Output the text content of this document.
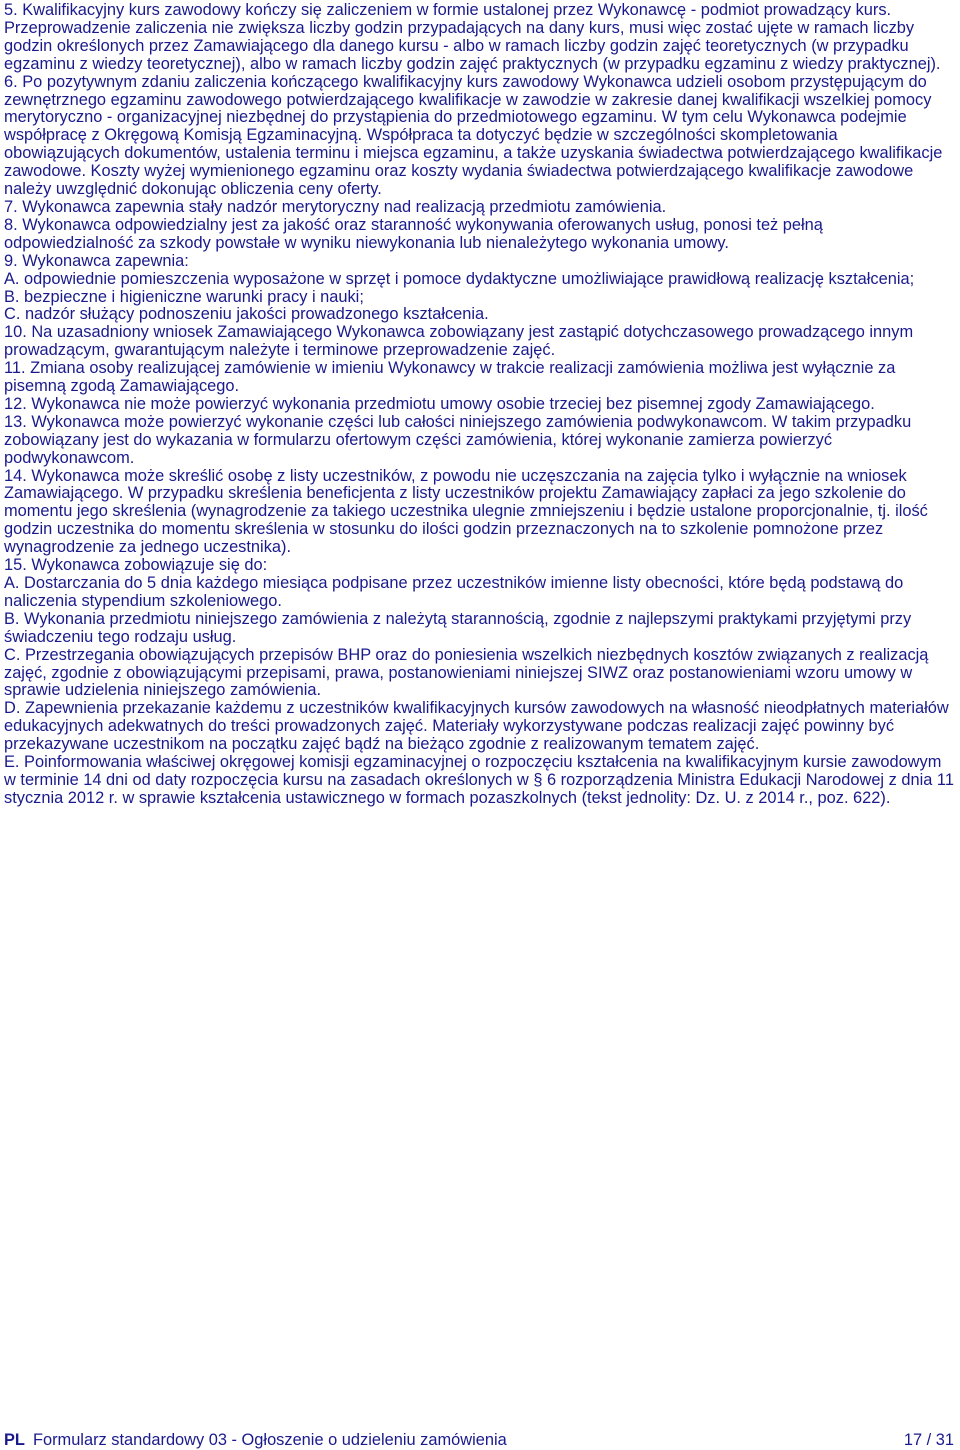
5. Kwalifikacyjny kurs zawodowy kończy się zaliczeniem w formie ustalonej przez Wykonawcę - podmiot prowadzący kurs. Przeprowadzenie zaliczenia nie zwiększa liczby godzin przypadających na dany kurs, musi więc zostać ujęte w ramach liczby godzin określonych przez Zamawiającego dla danego kursu - albo w ramach liczby godzin zajęć teoretycznych (w przypadku egzaminu z wiedzy teoretycznej), albo w ramach liczby godzin zajęć praktycznych (w przypadku egzaminu z wiedzy praktycznej).

6. Po pozytywnym zdaniu zaliczenia kończącego kwalifikacyjny kurs zawodowy Wykonawca udzieli osobom przystępującym do zewnętrznego egzaminu zawodowego potwierdzającego kwalifikacje w zawodzie w zakresie danej kwalifikacji wszelkiej pomocy merytoryczno - organizacyjnej niezbędnej do przystąpienia do przedmiotowego egzaminu. W tym celu Wykonawca podejmie współpracę z Okręgową Komisją Egzaminacyjną. Współpraca ta dotyczyć będzie w szczególności skompletowania obowiązujących dokumentów, ustalenia terminu i miejsca egzaminu, a także uzyskania świadectwa potwierdzającego kwalifikacje zawodowe. Koszty wyżej wymienionego egzaminu oraz koszty wydania świadectwa potwierdzającego kwalifikacje zawodowe należy uwzględnić dokonując obliczenia ceny oferty.

7. Wykonawca zapewnia stały nadzór merytoryczny nad realizacją przedmiotu zamówienia.

8. Wykonawca odpowiedzialny jest za jakość oraz staranność wykonywania oferowanych usług, ponosi też pełną odpowiedzialność za szkody powstałe w wyniku niewykonania lub nienależytego wykonania umowy.

9. Wykonawca zapewnia:

A. odpowiednie pomieszczenia wyposażone w sprzęt i pomoce dydaktyczne umożliwiające prawidłową realizację kształcenia;

B. bezpieczne i higieniczne warunki pracy i nauki;

C. nadzór służący podnoszeniu jakości prowadzonego kształcenia.

10. Na uzasadniony wniosek Zamawiającego Wykonawca zobowiązany jest zastąpić dotychczasowego prowadzącego innym prowadzącym, gwarantującym należyte i terminowe przeprowadzenie zajęć.

11. Zmiana osoby realizującej zamówienie w imieniu Wykonawcy w trakcie realizacji zamówienia możliwa jest wyłącznie za pisemną zgodą Zamawiającego.

12. Wykonawca nie może powierzyć wykonania przedmiotu umowy osobie trzeciej bez pisemnej zgody Zamawiającego.

13. Wykonawca może powierzyć wykonanie części lub całości niniejszego zamówienia podwykonawcom. W takim przypadku zobowiązany jest do wykazania w formularzu ofertowym części zamówienia, której wykonanie zamierza powierzyć podwykonawcom.

14. Wykonawca może skreślić osobę z listy uczestników, z powodu nie uczęszczania na zajęcia tylko i wyłącznie na wniosek Zamawiającego. W przypadku skreślenia beneficjenta z listy uczestników projektu Zamawiający zapłaci za jego szkolenie do momentu jego skreślenia (wynagrodzenie za takiego uczestnika ulegnie zmniejszeniu i będzie ustalone proporcjonalnie, tj. ilość godzin uczestnika do momentu skreślenia w stosunku do ilości godzin przeznaczonych na to szkolenie pomnożone przez wynagrodzenie za jednego uczestnika).

15. Wykonawca zobowiązuje się do:

A. Dostarczania do 5 dnia każdego miesiąca podpisane przez uczestników imienne listy obecności, które będą podstawą do naliczenia stypendium szkoleniowego.

B. Wykonania przedmiotu niniejszego zamówienia z należytą starannością, zgodnie z najlepszymi praktykami przyjętymi przy świadczeniu tego rodzaju usług.

C. Przestrzegania obowiązujących przepisów BHP oraz do poniesienia wszelkich niezbędnych kosztów związanych z realizacją zajęć, zgodnie z obowiązującymi przepisami, prawa, postanowieniami niniejszej SIWZ oraz postanowieniami wzoru umowy w sprawie udzielenia niniejszego zamówienia.

D. Zapewnienia przekazanie każdemu z uczestników kwalifikacyjnych kursów zawodowych na własność nieodpłatnych materiałów edukacyjnych adekwatnych do treści prowadzonych zajęć. Materiały wykorzystywane podczas realizacji zajęć powinny być przekazywane uczestnikom na początku zajęć bądź na bieżąco zgodnie z realizowanym tematem zajęć.

E. Poinformowania właściwej okręgowej komisji egzaminacyjnej o rozpoczęciu kształcenia na kwalifikacyjnym kursie zawodowym w terminie 14 dni od daty rozpoczęcia kursu na zasadach określonych w § 6 rozporządzenia Ministra Edukacji Narodowej z dnia 11 stycznia 2012 r. w sprawie kształcenia ustawicznego w formach pozaszkolnych (tekst jednolity: Dz. U. z 2014 r., poz. 622).

PL Formularz standardowy 03 - Ogłoszenie o udzieleniu zamówienia	17 / 31
